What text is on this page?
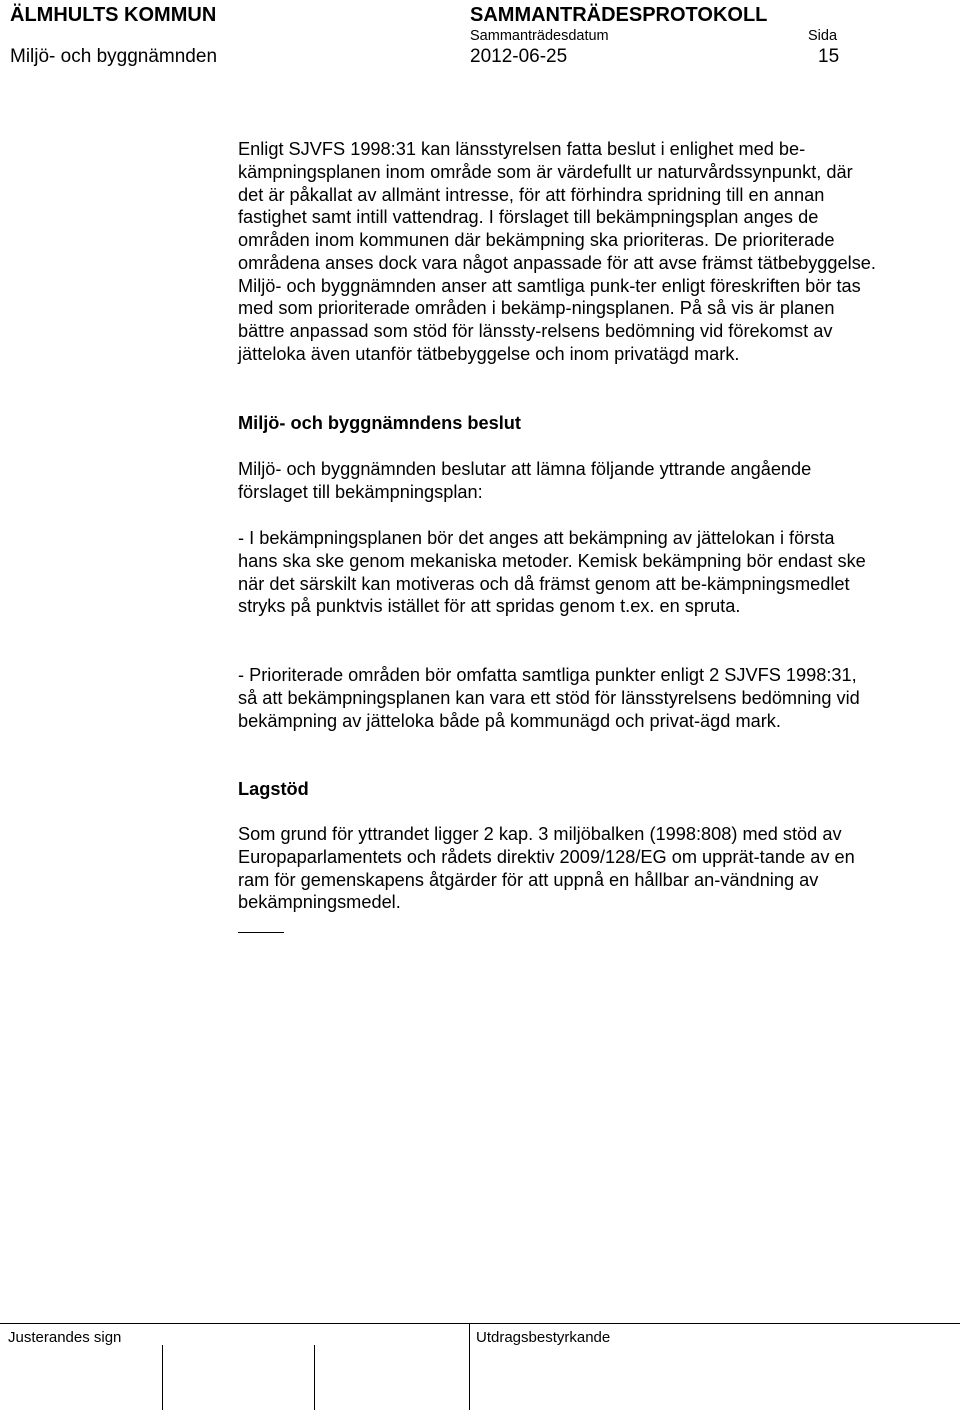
ÄLMHULTS KOMMUN	SAMMANTRÄDESPROTOKOLL
Sammanträdesdatum	Sida
Miljö- och byggnämnden	2012-06-25	15

Enligt SJVFS 1998:31 kan länsstyrelsen fatta beslut i enlighet med be-kämpningsplanen inom område som är värdefullt ur naturvårdssynpunkt, där det är påkallat av allmänt intresse, för att förhindra spridning till en annan fastighet samt intill vattendrag. I förslaget till bekämpningsplan anges de områden inom kommunen där bekämpning ska prioriteras. De prioriterade områdena anses dock vara något anpassade för att avse främst tätbebyggelse. Miljö- och byggnämnden anser att samtliga punk-ter enligt föreskriften bör tas med som prioriterade områden i bekämp-ningsplanen. På så vis är planen bättre anpassad som stöd för länssty-relsens bedömning vid förekomst av jätteloka även utanför tätbebyggelse och inom privatägd mark.

Miljö- och byggnämndens beslut

Miljö- och byggnämnden beslutar att lämna följande yttrande angående förslaget till bekämpningsplan:

- I bekämpningsplanen bör det anges att bekämpning av jättelokan i första hans ska ske genom mekaniska metoder. Kemisk bekämpning bör endast ske när det särskilt kan motiveras och då främst genom att be-kämpningsmedlet stryks på punktvis istället för att spridas genom t.ex. en spruta.

- Prioriterade områden bör omfatta samtliga punkter enligt 2 SJVFS 1998:31, så att bekämpningsplanen kan vara ett stöd för länsstyrelsens bedömning vid bekämpning av jätteloka både på kommunägd och privat-ägd mark.

Lagstöd

Som grund för yttrandet ligger 2 kap. 3 miljöbalken (1998:808) med stöd av Europaparlamentets och rådets direktiv 2009/128/EG om upprät-tande av en ram för gemenskapens åtgärder för att uppnå en hållbar an-vändning av bekämpningsmedel.

Justerandes sign	Utdragsbestyrkande
